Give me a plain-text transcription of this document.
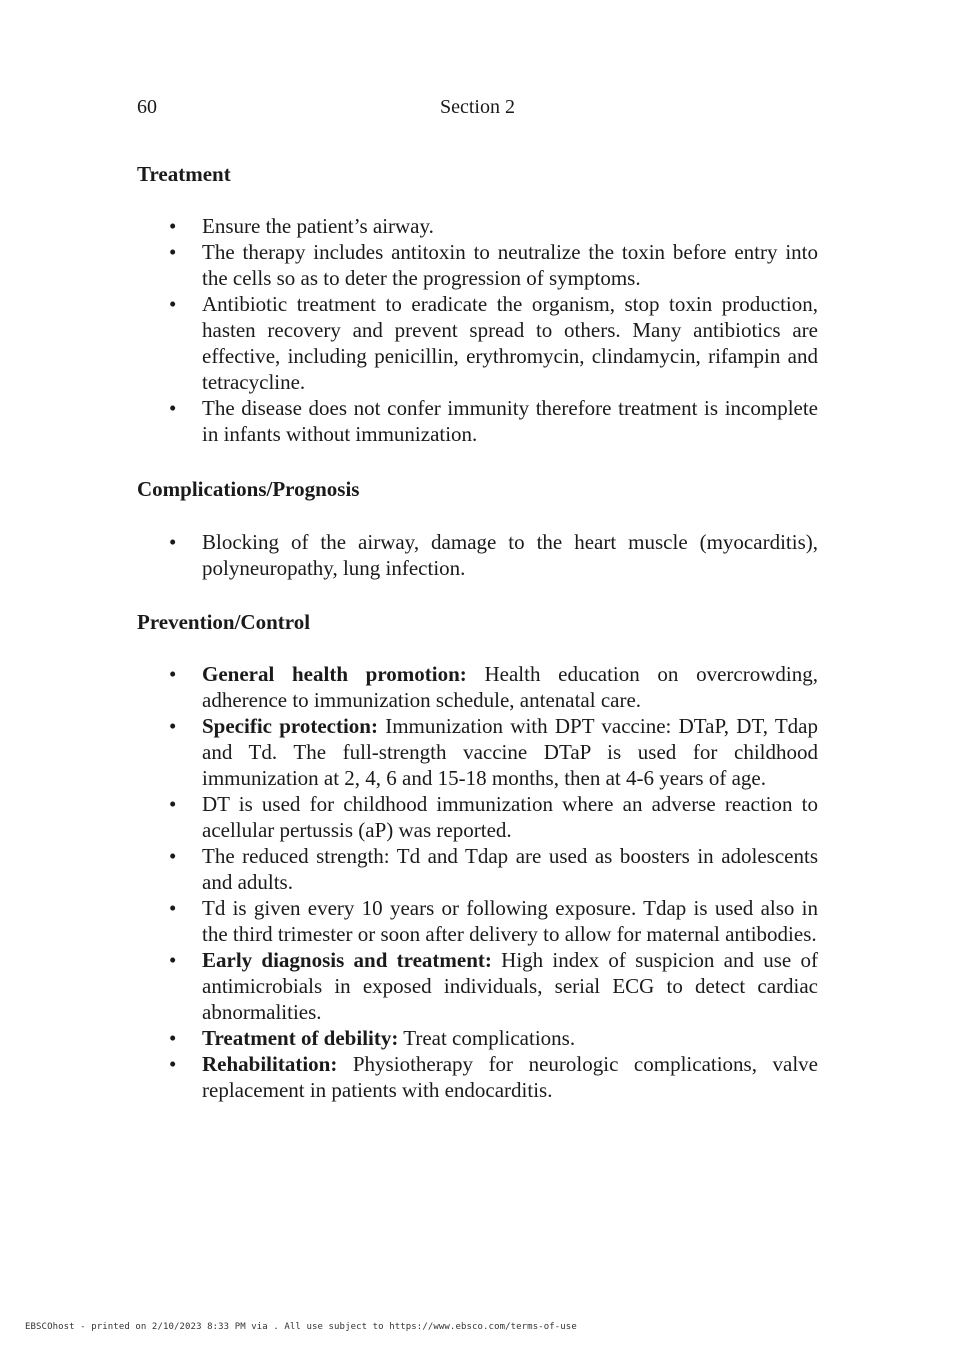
60	Section 2
Treatment
• Ensure the patient’s airway.
• The therapy includes antitoxin to neutralize the toxin before entry into the cells so as to deter the progression of symptoms.
• Antibiotic treatment to eradicate the organism, stop toxin production, hasten recovery and prevent spread to others. Many antibiotics are effective, including penicillin, erythromycin, clindamycin, rifampin and tetracycline.
• The disease does not confer immunity therefore treatment is incomplete in infants without immunization.
Complications/Prognosis
• Blocking of the airway, damage to the heart muscle (myocarditis), polyneuropathy, lung infection.
Prevention/Control
• General health promotion: Health education on overcrowding, adherence to immunization schedule, antenatal care.
• Specific protection: Immunization with DPT vaccine: DTaP, DT, Tdap and Td. The full-strength vaccine DTaP is used for childhood immunization at 2, 4, 6 and 15-18 months, then at 4-6 years of age.
• DT is used for childhood immunization where an adverse reaction to acellular pertussis (aP) was reported.
• The reduced strength: Td and Tdap are used as boosters in adolescents and adults.
• Td is given every 10 years or following exposure. Tdap is used also in the third trimester or soon after delivery to allow for maternal antibodies.
• Early diagnosis and treatment: High index of suspicion and use of antimicrobials in exposed individuals, serial ECG to detect cardiac abnormalities.
• Treatment of debility: Treat complications.
• Rehabilitation: Physiotherapy for neurologic complications, valve replacement in patients with endocarditis.
EBSCOhost - printed on 2/10/2023 8:33 PM via . All use subject to https://www.ebsco.com/terms-of-use
